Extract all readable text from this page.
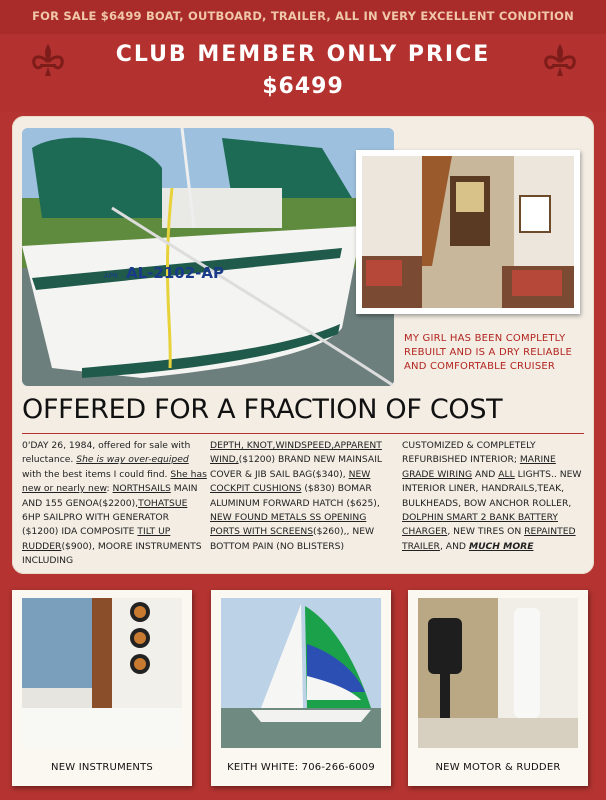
FOR SALE $6499 BOAT, OUTBOARD, TRAILER, ALL IN VERY EXCELLENT CONDITION
CLUB MEMBER ONLY PRICE
$6499
APR AL-2102-AP
MY GIRL HAS BEEN COMPLETLY REBUILT AND IS A DRY RELIABLE AND COMFORTABLE CRUISER
OFFERED FOR A FRACTION OF COST
0'DAY 26, 1984, offered for sale with reluctance. She is way over-equiped with the best items I could find. She has new or nearly new: NORTHSAILS MAIN AND 155 GENOA($2200),TOHATSUE 6HP SAILPRO WITH GENERATOR ($1200) IDA COMPOSITE TILT UP RUDDER($900), MOORE INSTRUMENTS INCLUDING
DEPTH, KNOT,WINDSPEED,APPARENT WIND,($1200) BRAND NEW MAINSAIL COVER & JIB SAIL BAG($340), NEW COCKPIT CUSHIONS ($830) BOMAR ALUMINUM FORWARD HATCH ($625), NEW FOUND METALS SS OPENING PORTS WITH SCREENS($260),, NEW BOTTOM PAIN (NO BLISTERS)
CUSTOMIZED & COMPLETELY REFURBISHED INTERIOR; MARINE GRADE WIRING AND ALL LIGHTS.. NEW INTERIOR LINER, HANDRAILS,TEAK, BULKHEADS, BOW ANCHOR ROLLER, DOLPHIN SMART 2 BANK BATTERY CHARGER, NEW TIRES ON REPAINTED TRAILER, AND MUCH MORE
NEW INSTRUMENTS	KEITH WHITE: 706-266-6009	NEW MOTOR & RUDDER
